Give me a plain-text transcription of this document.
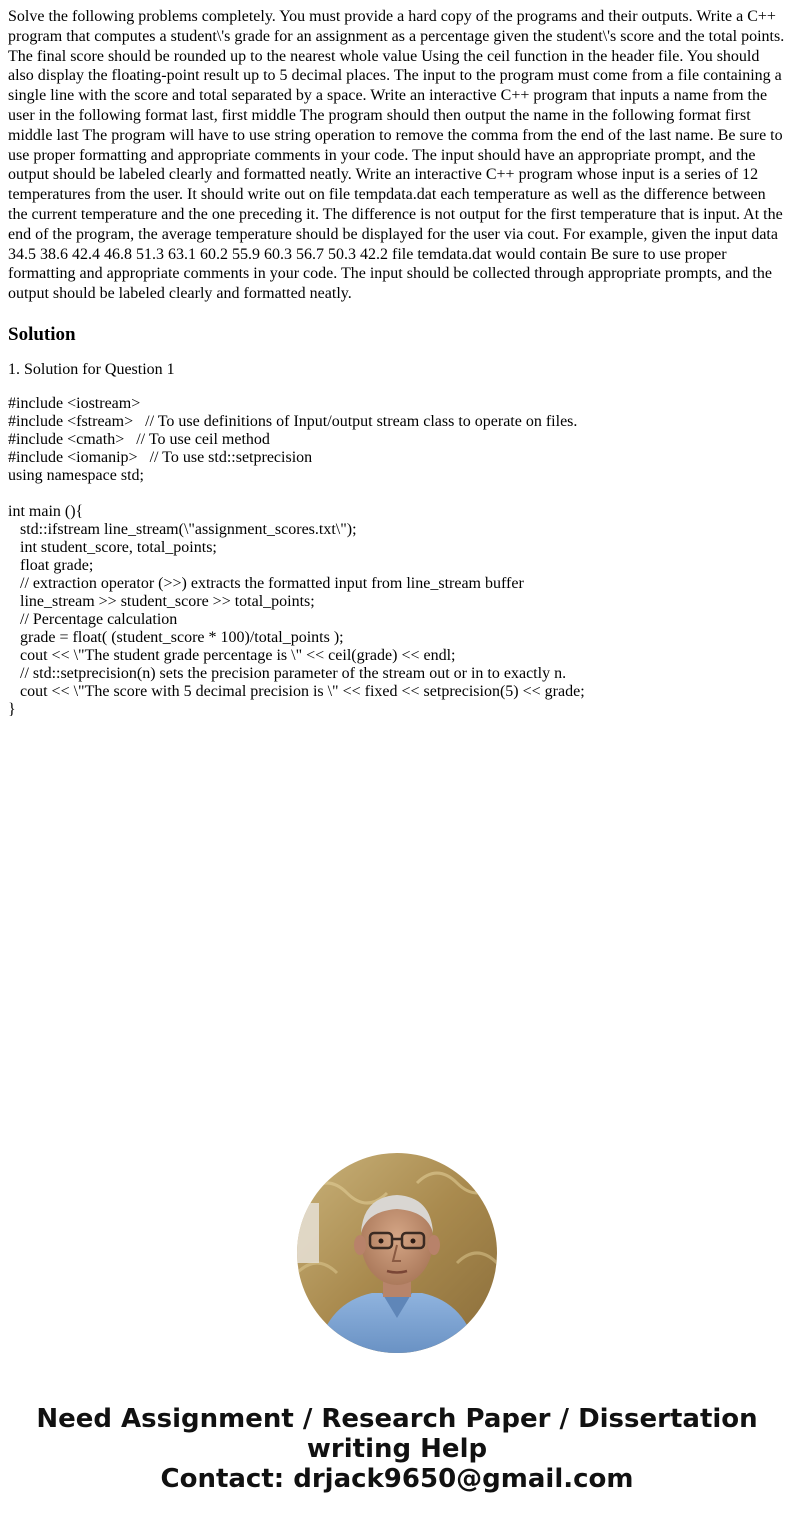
Solve the following problems completely. You must provide a hard copy of the programs and their outputs. Write a C++ program that computes a student\'s grade for an assignment as a percentage given the student\'s score and the total points. The final score should be rounded up to the nearest whole value Using the ceil function in the header file. You should also display the floating-point result up to 5 decimal places. The input to the program must come from a file containing a single line with the score and total separated by a space. Write an interactive C++ program that inputs a name from the user in the following format last, first middle The program should then output the name in the following format first middle last The program will have to use string operation to remove the comma from the end of the last name. Be sure to use proper formatting and appropriate comments in your code. The input should have an appropriate prompt, and the output should be labeled clearly and formatted neatly. Write an interactive C++ program whose input is a series of 12 temperatures from the user. It should write out on file tempdata.dat each temperature as well as the difference between the current temperature and the one preceding it. The difference is not output for the first temperature that is input. At the end of the program, the average temperature should be displayed for the user via cout. For example, given the input data 34.5 38.6 42.4 46.8 51.3 63.1 60.2 55.9 60.3 56.7 50.3 42.2 file temdata.dat would contain Be sure to use proper formatting and appropriate comments in your code. The input should be collected through appropriate prompts, and the output should be labeled clearly and formatted neatly.

Solution
1. Solution for Question 1
#include <iostream>
#include <fstream>   // To use definitions of Input/output stream class to operate on files.
#include <cmath>   // To use ceil method
#include <iomanip>   // To use std::setprecision
using namespace std;
int main (){
std::ifstream line_stream(\"assignment_scores.txt\");
int student_score, total_points;
float grade;
// extraction operator (>>) extracts the formatted input from line_stream buffer
line_stream >> student_score >> total_points;
// Percentage calculation
grade = float( (student_score * 100)/total_points );
cout << \"The student grade percentage is \" << ceil(grade) << endl;
// std::setprecision(n) sets the precision parameter of the stream out or in to exactly n.
cout << \"The score with 5 decimal precision is \" << fixed << setprecision(5) << grade;
}
Need Assignment / Research Paper / Dissertation
writing Help
Contact: drjack9650@gmail.com
